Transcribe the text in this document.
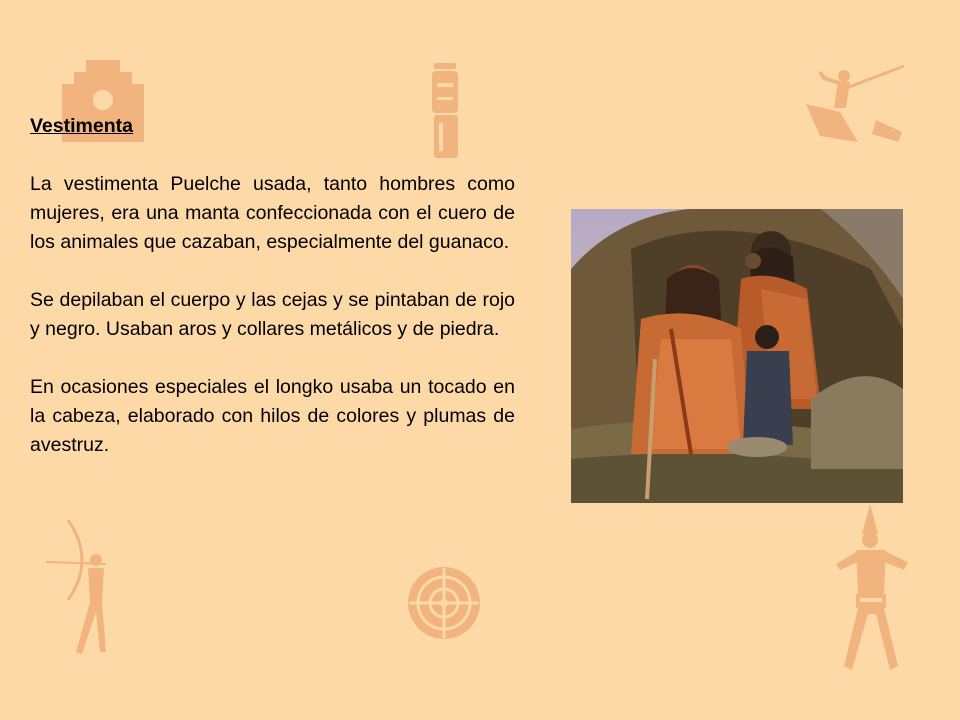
Vestimenta
La vestimenta Puelche usada, tanto hombres como mujeres, era una manta confeccionada con el cuero de los animales que cazaban, especialmente del guanaco.
Se depilaban el cuerpo y las cejas y se pintaban de rojo y negro. Usaban aros y collares metálicos y de piedra.
En ocasiones especiales el longko usaba un tocado en la cabeza, elaborado con hilos de colores y plumas de avestruz.
